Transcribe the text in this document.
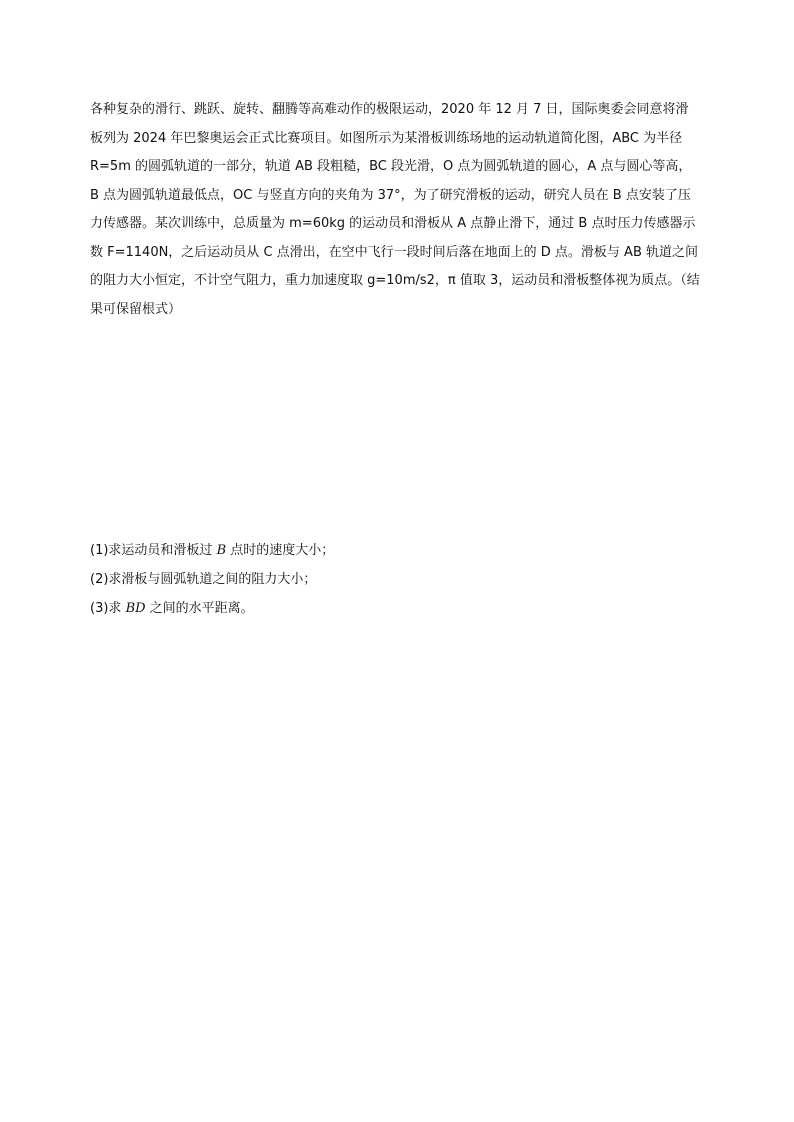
各种复杂的滑行、跳跃、旋转、翻腾等高难动作的极限运动，2020 年 12 月 7 日，国际奥委会同意将滑
板列为 2024 年巴黎奥运会正式比赛项目。如图所示为某滑板训练场地的运动轨道简化图，ABC 为半径
R=5m 的圆弧轨道的一部分，轨道 AB 段粗糙，BC 段光滑，O 点为圆弧轨道的圆心，A 点与圆心等高，
B 点为圆弧轨道最低点，OC 与竖直方向的夹角为 37°，为了研究滑板的运动，研究人员在 B 点安装了压
力传感器。某次训练中，总质量为 m=60kg 的运动员和滑板从 A 点静止滑下，通过 B 点时压力传感器示
数 F=1140N，之后运动员从 C 点滑出，在空中飞行一段时间后落在地面上的 D 点。滑板与 AB 轨道之间
的阻力大小恒定，不计空气阻力，重力加速度取 g=10m/s2，π 值取 3，运动员和滑板整体视为质点。（结
果可保留根式）
(1)求运动员和滑板过 B 点时的速度大小；
(2)求滑板与圆弧轨道之间的阻力大小；
(3)求 BD 之间的水平距离。
